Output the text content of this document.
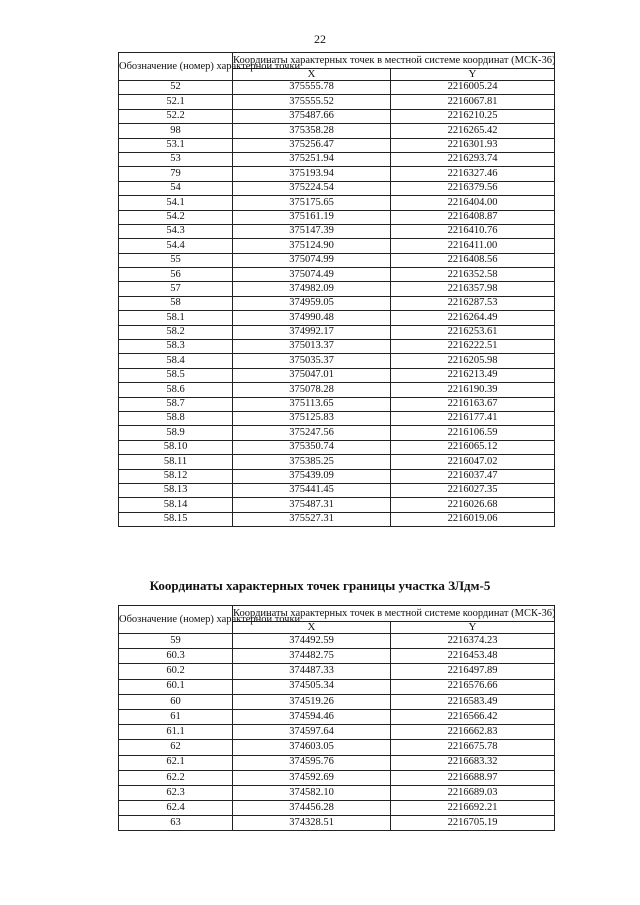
22
Обозначение (номер) характерной точки	Координаты характерных точек в местной системе координат (МСК-36)	
	X	Y
52	375555.78	2216005.24
52.1	375555.52	2216067.81
52.2	375487.66	2216210.25
98	375358.28	2216265.42
53.1	375256.47	2216301.93
53	375251.94	2216293.74
79	375193.94	2216327.46
54	375224.54	2216379.56
54.1	375175.65	2216404.00
54.2	375161.19	2216408.87
54.3	375147.39	2216410.76
54.4	375124.90	2216411.00
55	375074.99	2216408.56
56	375074.49	2216352.58
57	374982.09	2216357.98
58	374959.05	2216287.53
58.1	374990.48	2216264.49
58.2	374992.17	2216253.61
58.3	375013.37	2216222.51
58.4	375035.37	2216205.98
58.5	375047.01	2216213.49
58.6	375078.28	2216190.39
58.7	375113.65	2216163.67
58.8	375125.83	2216177.41
58.9	375247.56	2216106.59
58.10	375350.74	2216065.12
58.11	375385.25	2216047.02
58.12	375439.09	2216037.47
58.13	375441.45	2216027.35
58.14	375487.31	2216026.68
58.15	375527.31	2216019.06
Координаты характерных точек границы участка ЗЛдм-5
Обозначение (номер) характерной точки	Координаты характерных точек в местной системе координат (МСК-36)	
	X	Y
59	374492.59	2216374.23
60.3	374482.75	2216453.48
60.2	374487.33	2216497.89
60.1	374505.34	2216576.66
60	374519.26	2216583.49
61	374594.46	2216566.42
61.1	374597.64	2216662.83
62	374603.05	2216675.78
62.1	374595.76	2216683.32
62.2	374592.69	2216688.97
62.3	374582.10	2216689.03
62.4	374456.28	2216692.21
63	374328.51	2216705.19
